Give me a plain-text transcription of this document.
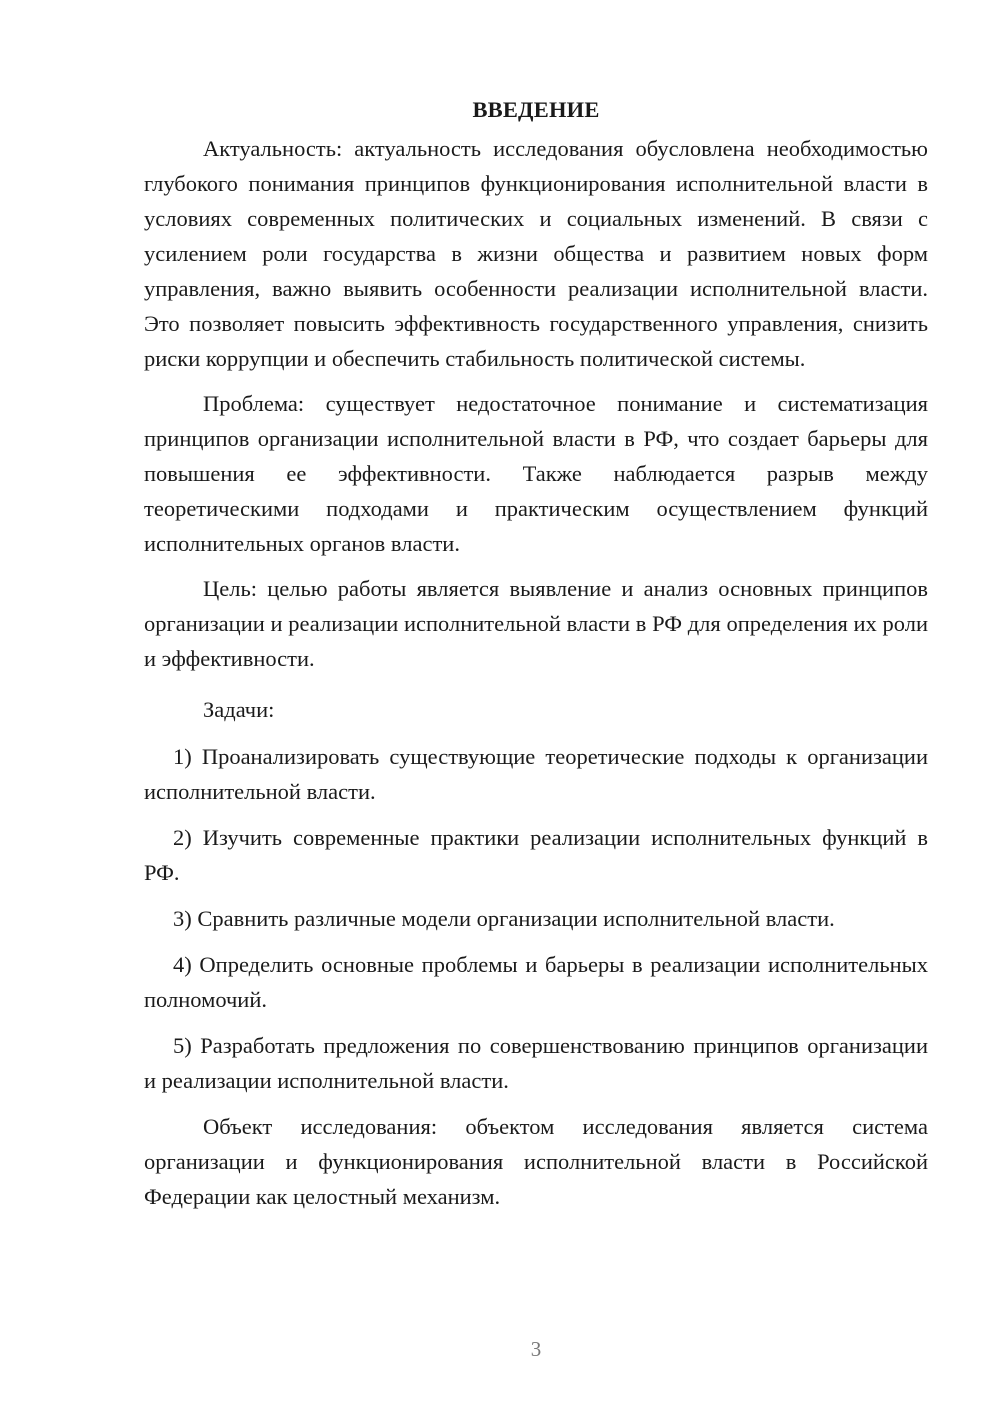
ВВЕДЕНИЕ

Актуальность: актуальность исследования обусловлена необходимостью глубокого понимания принципов функционирования исполнительной власти в условиях современных политических и социальных изменений. В связи с усилением роли государства в жизни общества и развитием новых форм управления, важно выявить особенности реализации исполнительной власти. Это позволяет повысить эффективность государственного управления, снизить риски коррупции и обеспечить стабильность политической системы.

Проблема: существует недостаточное понимание и систематизация принципов организации исполнительной власти в РФ, что создает барьеры для повышения ее эффективности. Также наблюдается разрыв между теоретическими подходами и практическим осуществлением функций исполнительных органов власти.

Цель: целью работы является выявление и анализ основных принципов организации и реализации исполнительной власти в РФ для определения их роли и эффективности.

Задачи:

1) Проанализировать существующие теоретические подходы к организации исполнительной власти.

2) Изучить современные практики реализации исполнительных функций в РФ.

3) Сравнить различные модели организации исполнительной власти.

4) Определить основные проблемы и барьеры в реализации исполнительных полномочий.

5) Разработать предложения по совершенствованию принципов организации и реализации исполнительной власти.

Объект исследования: объектом исследования является система организации и функционирования исполнительной власти в Российской Федерации как целостный механизм.

3
